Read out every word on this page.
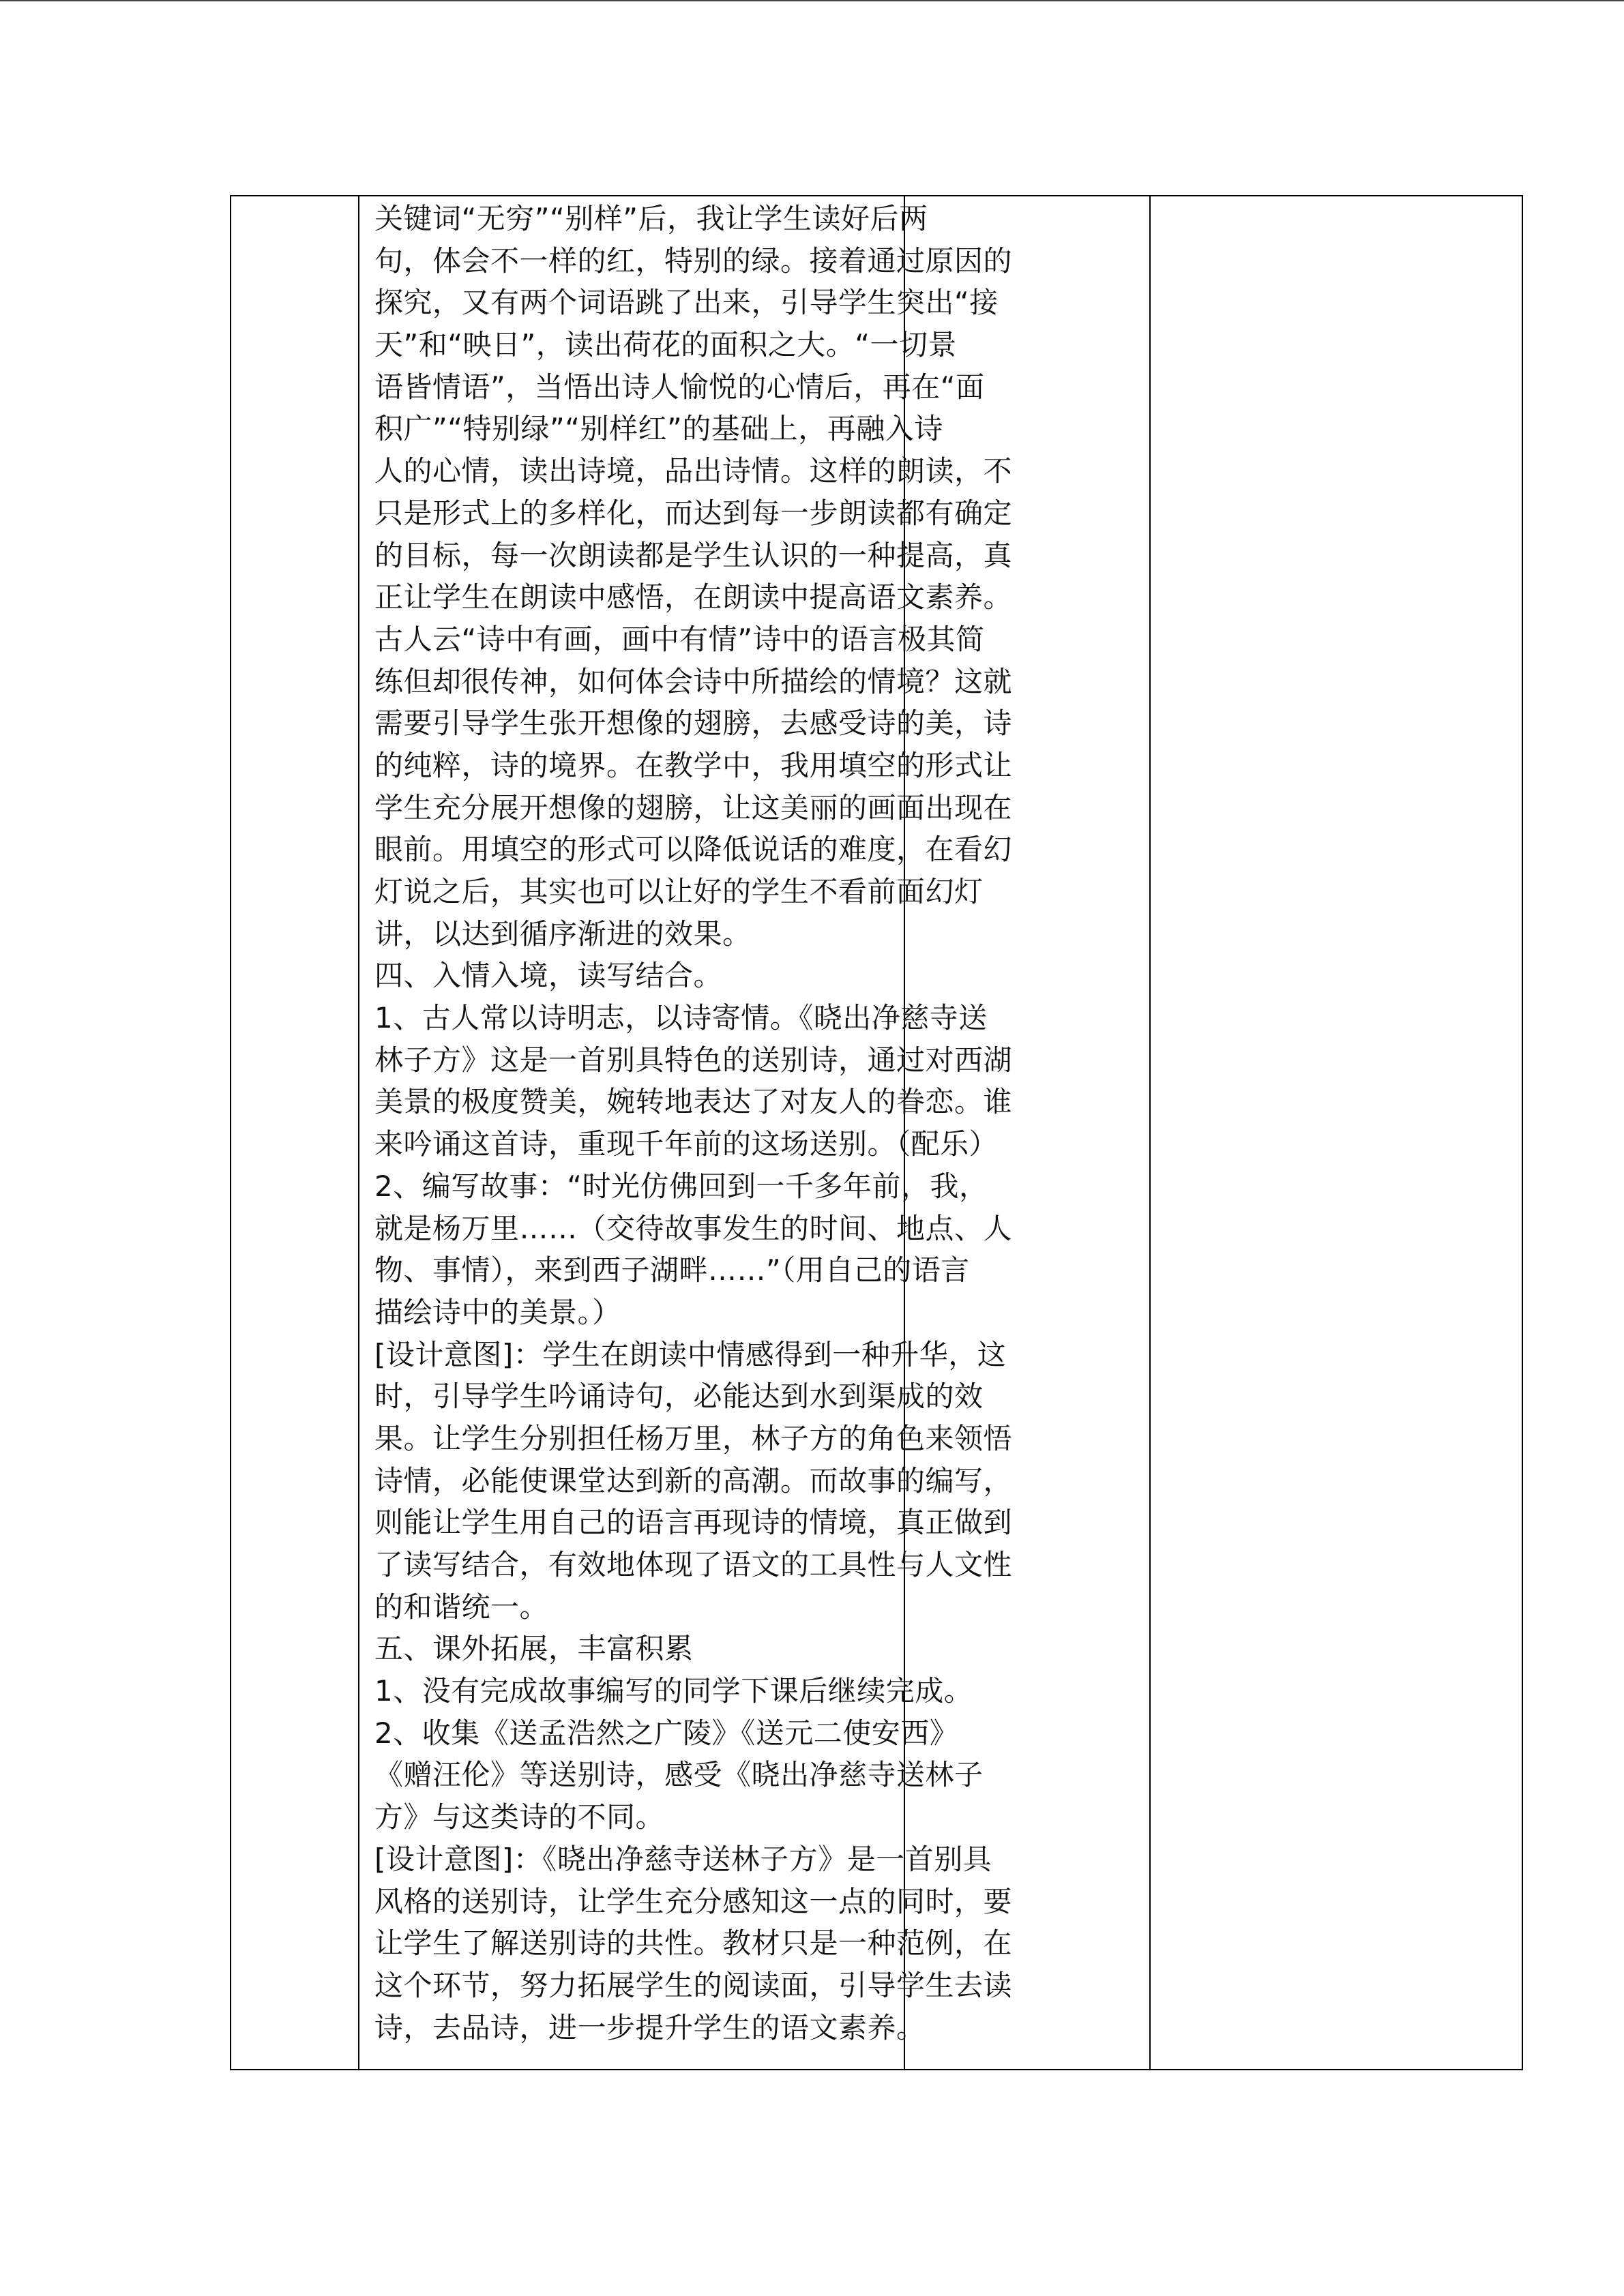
关键词“无穷”“别样”后，我让学生读好后两
句，体会不一样的红，特别的绿。接着通过原因的
探究，又有两个词语跳了出来，引导学生突出“接
天”和“映日”，读出荷花的面积之大。“一切景
语皆情语”，当悟出诗人愉悦的心情后，再在“面
积广”“特别绿”“别样红”的基础上，再融入诗
人的心情，读出诗境，品出诗情。这样的朗读，不
只是形式上的多样化，而达到每一步朗读都有确定
的目标，每一次朗读都是学生认识的一种提高，真
正让学生在朗读中感悟，在朗读中提高语文素养。
古人云“诗中有画，画中有情”诗中的语言极其简
练但却很传神，如何体会诗中所描绘的情境？这就
需要引导学生张开想像的翅膀，去感受诗的美，诗
的纯粹，诗的境界。在教学中，我用填空的形式让
学生充分展开想像的翅膀，让这美丽的画面出现在
眼前。用填空的形式可以降低说话的难度，在看幻
灯说之后，其实也可以让好的学生不看前面幻灯
讲，以达到循序渐进的效果。
四、入情入境，读写结合。
1、古人常以诗明志，以诗寄情。《晓出净慈寺送
林子方》这是一首别具特色的送别诗，通过对西湖
美景的极度赞美，婉转地表达了对友人的眷恋。谁
来吟诵这首诗，重现千年前的这场送别。（配乐）
2、编写故事：“时光仿佛回到一千多年前，我，
就是杨万里……（交待故事发生的时间、地点、人
物、事情），来到西子湖畔……”（用自己的语言
描绘诗中的美景。）
[设计意图]：学生在朗读中情感得到一种升华，这
时，引导学生吟诵诗句，必能达到水到渠成的效
果。让学生分别担任杨万里，林子方的角色来领悟
诗情，必能使课堂达到新的高潮。而故事的编写，
则能让学生用自己的语言再现诗的情境，真正做到
了读写结合，有效地体现了语文的工具性与人文性
的和谐统一。
五、课外拓展，丰富积累
1、没有完成故事编写的同学下课后继续完成。
2、收集《送孟浩然之广陵》《送元二使安西》
《赠汪伦》等送别诗，感受《晓出净慈寺送林子
方》与这类诗的不同。
[设计意图]：《晓出净慈寺送林子方》是一首别具
风格的送别诗，让学生充分感知这一点的同时，要
让学生了解送别诗的共性。教材只是一种范例，在
这个环节，努力拓展学生的阅读面，引导学生去读
诗，去品诗，进一步提升学生的语文素养。
